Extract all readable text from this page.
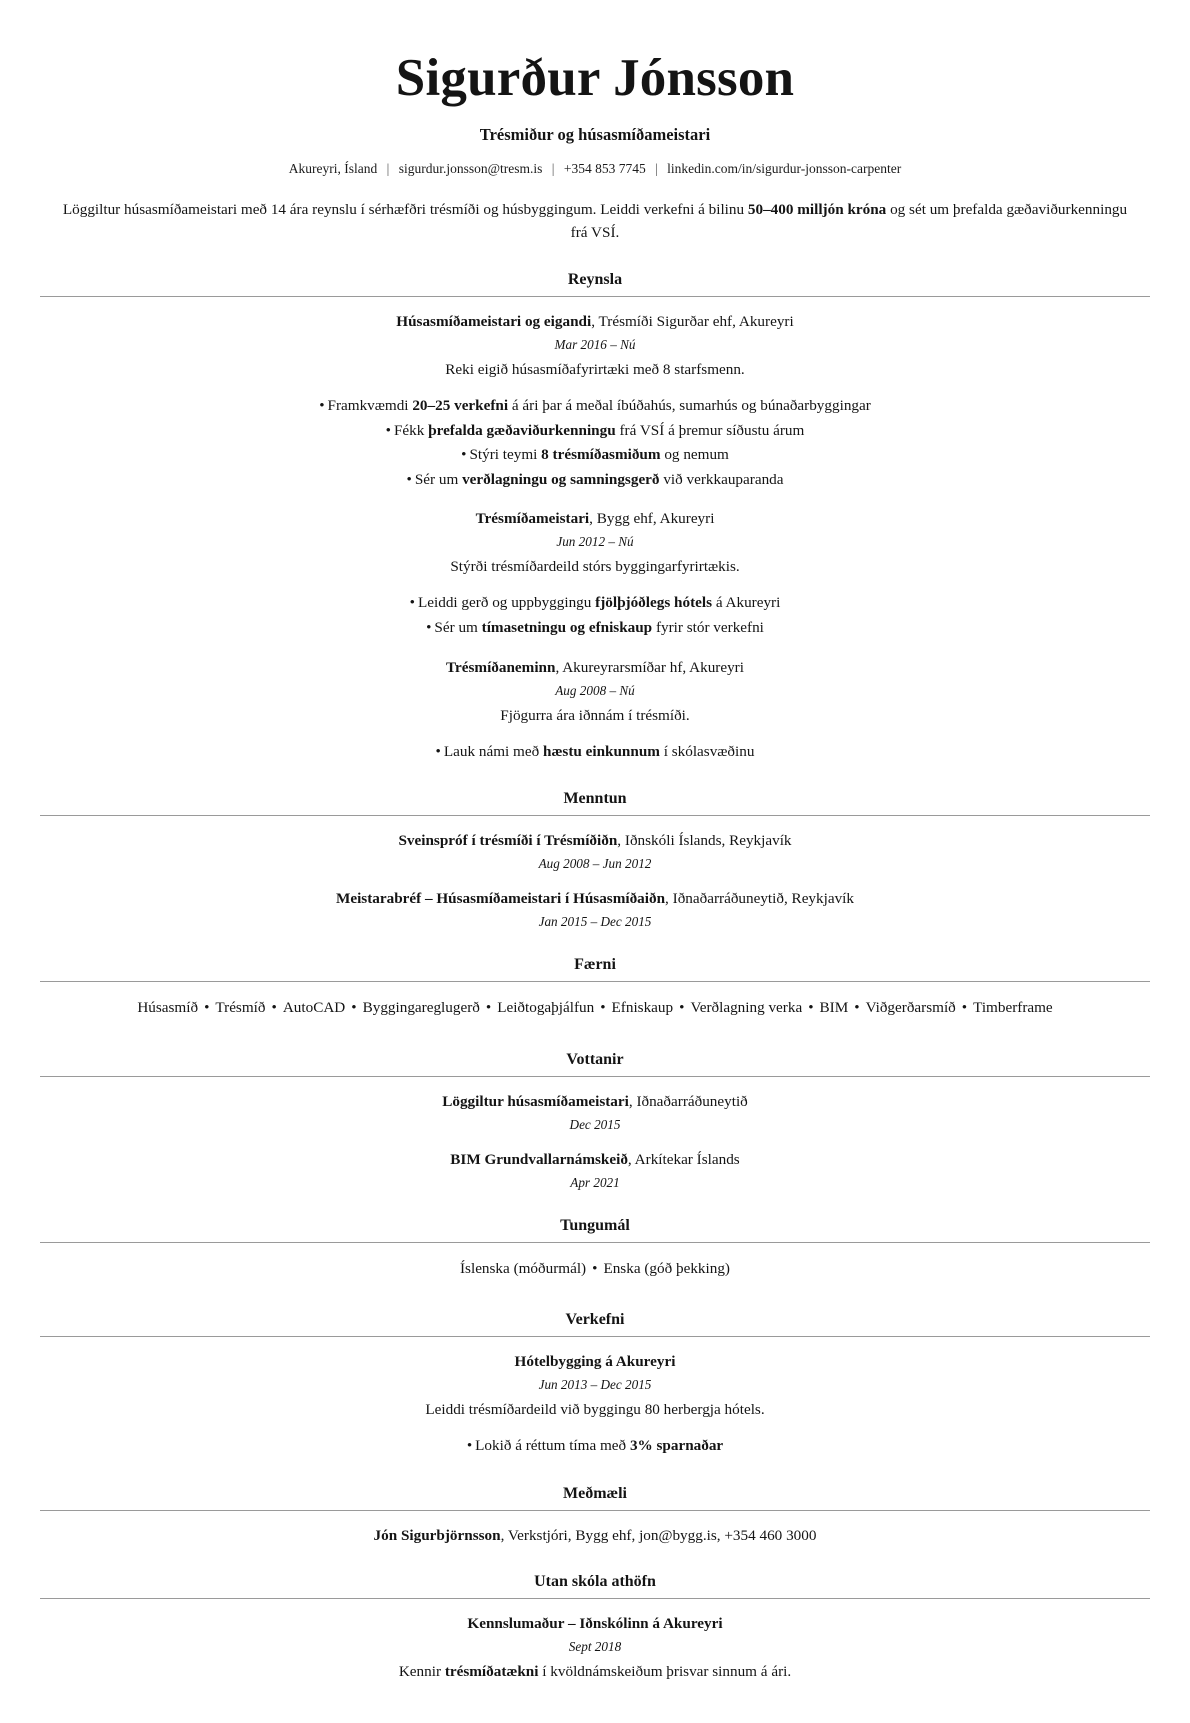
Sigurður Jónsson
Trésmiður og húsasmíðameistari
Akureyri, Ísland | sigurdur.jonsson@tresm.is | +354 853 7745 | linkedin.com/in/sigurdur-jonsson-carpenter
Löggiltur húsasmíðameistari með 14 ára reynslu í sérhæfðri trésmíði og húsbyggingum. Leiddi verkefni á bilinu 50–400 milljón króna og sét um þrefalda gæðaviðurkenningu frá VSÍ.
Reynsla
Húsasmíðameistari og eigandi, Trésmíði Sigurðar ehf, Akureyri
Mar 2016 – Nú
Reki eigið húsasmíðafyrirtæki með 8 starfsmenn.
• Framkvæmdi 20–25 verkefni á ári þar á meðal íbúðahús, sumarhús og búnaðarbyggingar
• Fékk þrefalda gæðaviðurkenningu frá VSÍ á þremur síðustu árum
• Stýri teymi 8 trésmíðasmiðum og nemum
• Sér um verðlagningu og samningsgerð við verkkauparanda
Trésmíðameistari, Bygg ehf, Akureyri
Jun 2012 – Nú
Stýrði trésmíðardeild stórs byggingarfyrirtækis.
• Leiddi gerð og uppbyggingu fjölþjóðlegs hótels á Akureyri
• Sér um tímasetningu og efniskaup fyrir stór verkefni
Trésmíðaneminn, Akureyrarsmíðar hf, Akureyri
Aug 2008 – Nú
Fjögurra ára iðnnám í trésmíði.
• Lauk námi með hæstu einkunnum í skólasvæðinu
Menntun
Sveinspróf í trésmíði í Trésmíðiðn, Iðnskóli Íslands, Reykjavík
Aug 2008 – Jun 2012
Meistarabréf – Húsasmíðameistari í Húsasmíðaiðn, Iðnaðarráðuneytið, Reykjavík
Jan 2015 – Dec 2015
Færni
Húsasmíð • Trésmíð • AutoCAD • Byggingareglugerð • Leiðtogaþjálfun • Efniskaup • Verðlagning verka • BIM • Viðgerðarsmíð • Timberframe
Vottanir
Löggiltur húsasmíðameistari, Iðnaðarráðuneytið
Dec 2015
BIM Grundvallarnámskeið, Arkítekar Íslands
Apr 2021
Tungumál
Íslenska (móðurmál) • Enska (góð þekking)
Verkefni
Hótelbygging á Akureyri
Jun 2013 – Dec 2015
Leiddi trésmíðardeild við byggingu 80 herbergja hótels.
• Lokið á réttum tíma með 3% sparnaðar
Meðmæli
Jón Sigurbjörnsson, Verkstjóri, Bygg ehf, jon@bygg.is, +354 460 3000
Utan skóla athöfn
Kennslumaður – Iðnskólinn á Akureyri
Sept 2018
Kennir trésmíðatækni í kvöldnámskeiðum þrisvar sinnum á ári.
